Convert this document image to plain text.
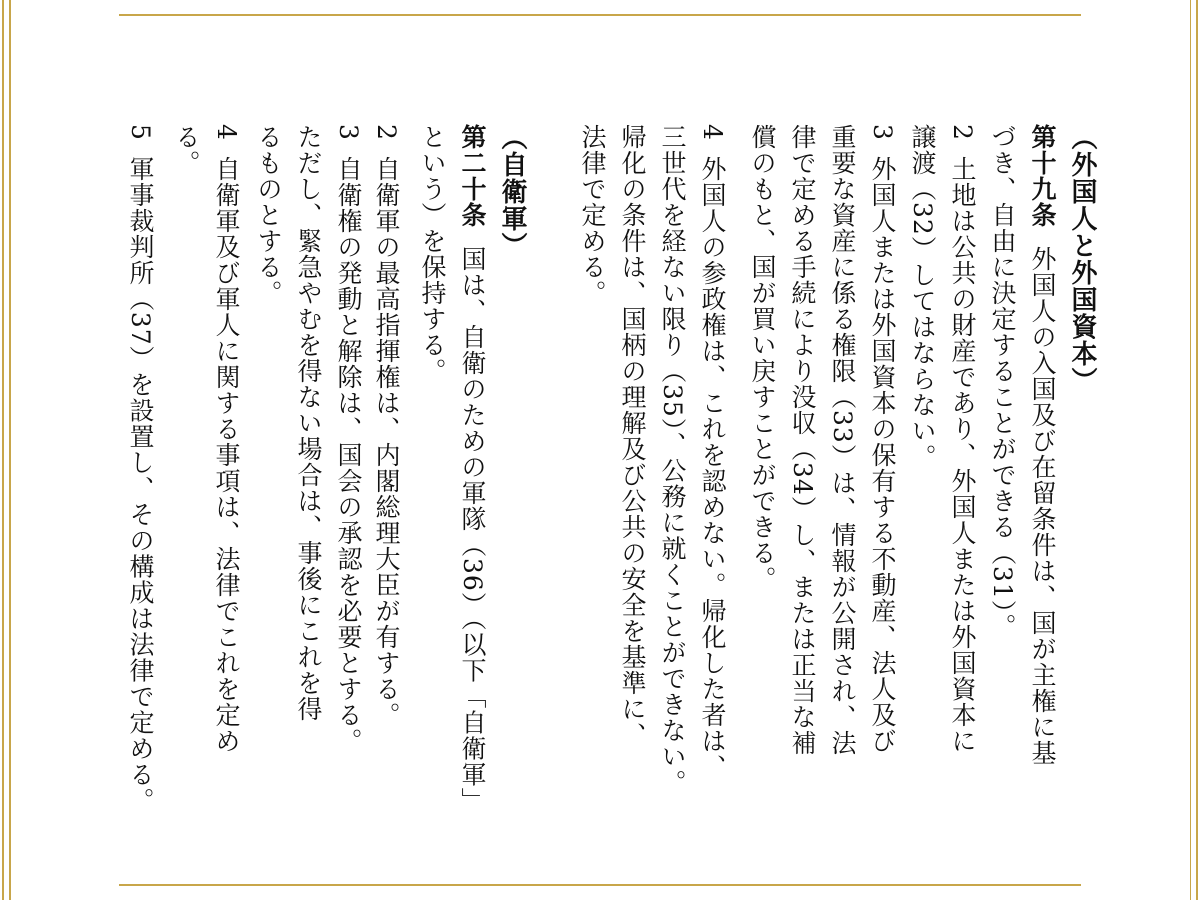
（外国人と外国資本）
第十九条外国人の入国及び在留条件は、国が主権に基
づき、自由に決定することができる（31）。
2土地は公共の財産であり、外国人または外国資本に
譲渡（32）してはならない。
3外国人または外国資本の保有する不動産、法人及び
重要な資産に係る権限（33）は、情報が公開され、法
律で定める手続により没収（34）し、または正当な補
償のもと、国が買い戻すことができる。
4外国人の参政権は、これを認めない。帰化した者は、
三世代を経ない限り（35）、公務に就くことができない。
帰化の条件は、国柄の理解及び公共の安全を基準に、
法律で定める。
（自衛軍）
第二十条国は、自衛のための軍隊（36）（以下「自衛軍」
という）を保持する。
2自衛軍の最高指揮権は、内閣総理大臣が有する。
3自衛権の発動と解除は、国会の承認を必要とする。
ただし、緊急やむを得ない場合は、事後にこれを得
るものとする。
4自衛軍及び軍人に関する事項は、法律でこれを定め
る。
5軍事裁判所（37）を設置し、その構成は法律で定める。
